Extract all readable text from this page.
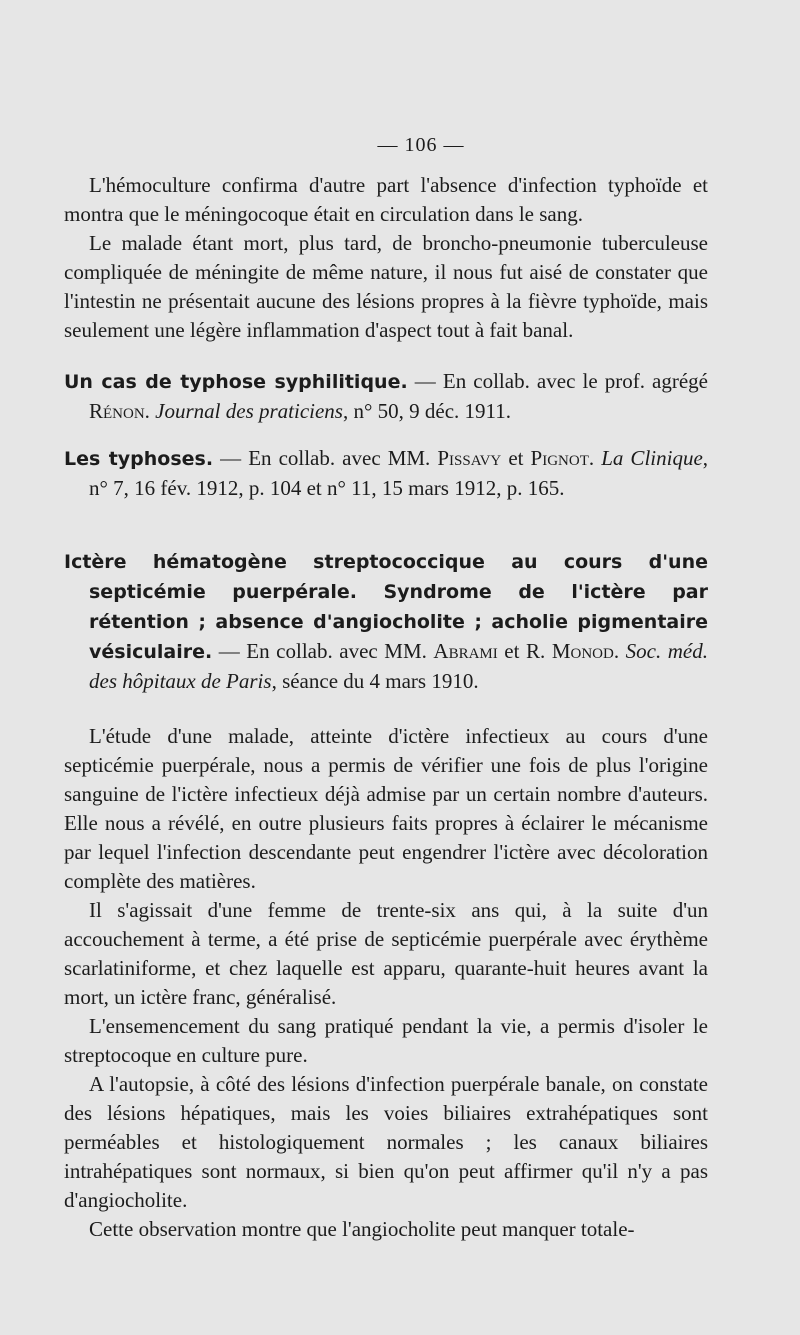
— 106 —

L'hémoculture confirma d'autre part l'absence d'infection typhoïde et montra que le méningocoque était en circulation dans le sang.

Le malade étant mort, plus tard, de broncho-pneumonie tuberculeuse compliquée de méningite de même nature, il nous fut aisé de constater que l'intestin ne présentait aucune des lésions propres à la fièvre typhoïde, mais seulement une légère inflammation d'aspect tout à fait banal.

Un cas de typhose syphilitique. — En collab. avec le prof. agrégé Rénon. Journal des praticiens, n° 50, 9 déc. 1911.

Les typhoses. — En collab. avec MM. Pissavy et Pignot. La Clinique, n° 7, 16 fév. 1912, p. 104 et n° 11, 15 mars 1912, p. 165.

Ictère hématogène streptococcique au cours d'une septicémie puerpérale. Syndrome de l'ictère par rétention ; absence d'angiocholite ; acholie pigmentaire vésiculaire. — En collab. avec MM. Abrami et R. Monod. Soc. méd. des hôpitaux de Paris, séance du 4 mars 1910.

L'étude d'une malade, atteinte d'ictère infectieux au cours d'une septicémie puerpérale, nous a permis de vérifier une fois de plus l'origine sanguine de l'ictère infectieux déjà admise par un certain nombre d'auteurs. Elle nous a révélé, en outre plusieurs faits propres à éclairer le mécanisme par lequel l'infection descendante peut engendrer l'ictère avec décoloration complète des matières.

Il s'agissait d'une femme de trente-six ans qui, à la suite d'un accouchement à terme, a été prise de septicémie puerpérale avec érythème scarlatiniforme, et chez laquelle est apparu, quarante-huit heures avant la mort, un ictère franc, généralisé.

L'ensemencement du sang pratiqué pendant la vie, a permis d'isoler le streptocoque en culture pure.

A l'autopsie, à côté des lésions d'infection puerpérale banale, on constate des lésions hépatiques, mais les voies biliaires extrahépatiques sont perméables et histologiquement normales ; les canaux biliaires intrahépatiques sont normaux, si bien qu'on peut affirmer qu'il n'y a pas d'angiocholite.

Cette observation montre que l'angiocholite peut manquer totale-
